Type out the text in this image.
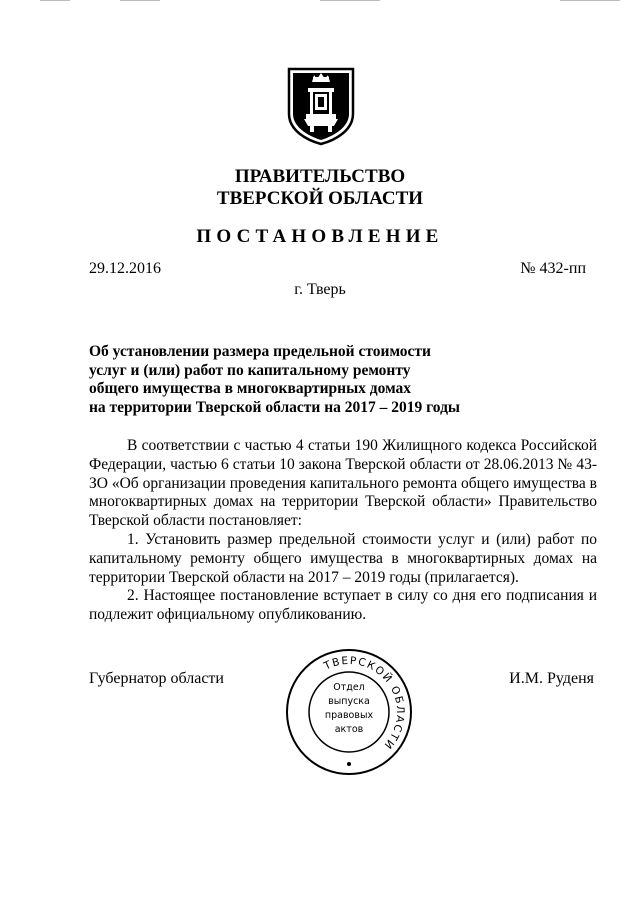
ПРАВИТЕЛЬСТВО
ТВЕРСКОЙ ОБЛАСТИ
ПОСТАНОВЛЕНИЕ
29.12.2016	№ 432-пп
г. Тверь
Об установлении размера предельной стоимости
услуг и (или) работ по капитальному ремонту
общего имущества в многоквартирных домах
на территории Тверской области на 2017 – 2019 годы

В соответствии с частью 4 статьи 190 Жилищного кодекса Российской Федерации, частью 6 статьи 10 закона Тверской области от 28.06.2013 № 43-ЗО «Об организации проведения капитального ремонта общего имущества в многоквартирных домах на территории Тверской области» Правительство Тверской области постановляет:

1. Установить размер предельной стоимости услуг и (или) работ по капитальному ремонту общего имущества в многоквартирных домах на территории Тверской области на 2017 – 2019 годы (прилагается).

2. Настоящее постановление вступает в силу со дня его подписания и подлежит официальному опубликованию.

Губернатор области	И.М. Руденя
ТВЕРСКОЙ ОБЛАСТИ
Отдел
выпуска
правовых
актов
